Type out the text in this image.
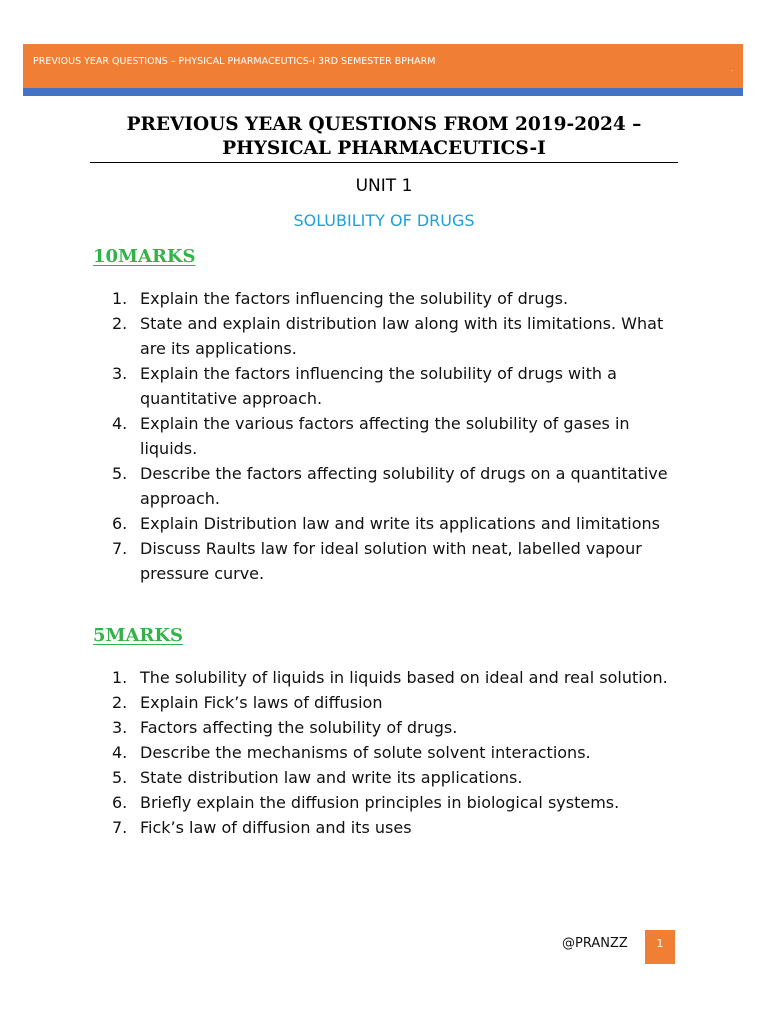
PREVIOUS YEAR QUESTIONS – PHYSICAL PHARMACEUTICS-I 3RD SEMESTER BPHARM
.
PREVIOUS YEAR QUESTIONS FROM 2019-2024 – PHYSICAL PHARMACEUTICS-I
UNIT 1
SOLUBILITY OF DRUGS
10MARKS
1. Explain the factors influencing the solubility of drugs.
2. State and explain distribution law along with its limitations. What are its applications.
3. Explain the factors influencing the solubility of drugs with a quantitative approach.
4. Explain the various factors affecting the solubility of gases in liquids.
5. Describe the factors affecting solubility of drugs on a quantitative approach.
6. Explain Distribution law and write its applications and limitations
7. Discuss Raults law for ideal solution with neat, labelled vapour pressure curve.
5MARKS
1. The solubility of liquids in liquids based on ideal and real solution.
2. Explain Fick’s laws of diffusion
3. Factors affecting the solubility of drugs.
4. Describe the mechanisms of solute solvent interactions.
5. State distribution law and write its applications.
6. Briefly explain the diffusion principles in biological systems.
7. Fick’s law of diffusion and its uses
@PRANZZ	1
